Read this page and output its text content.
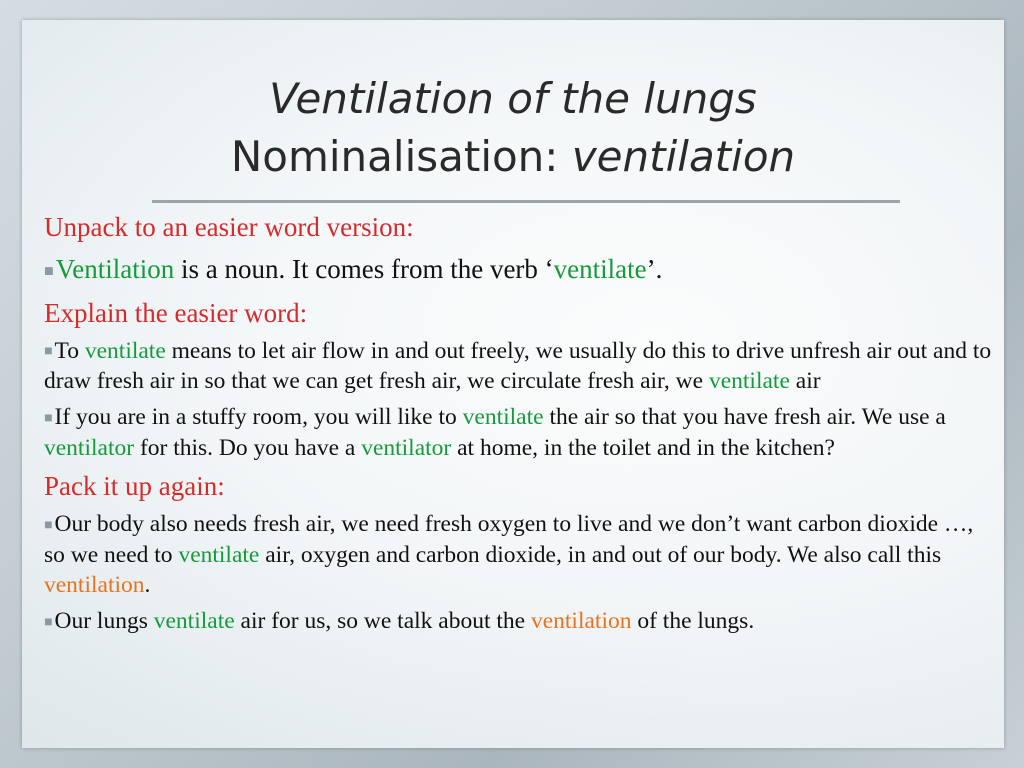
Ventilation of the lungs
Nominalisation: ventilation

Unpack to an easier word version:

■Ventilation is a noun. It comes from the verb ‘ventilate’.

Explain the easier word:

■To ventilate means to let air flow in and out freely, we usually do this to drive unfresh air out and to draw fresh air in so that we can get fresh air, we circulate fresh air, we ventilate air

■If you are in a stuffy room, you will like to ventilate the air so that you have fresh air. We use a ventilator for this. Do you have a ventilator at home, in the toilet and in the kitchen?

Pack it up again:

■Our body also needs fresh air, we need fresh oxygen to live and we don’t want carbon dioxide …, so we need to ventilate air, oxygen and carbon dioxide, in and out of our body. We also call this ventilation.

■Our lungs ventilate air for us, so we talk about the ventilation of the lungs.
